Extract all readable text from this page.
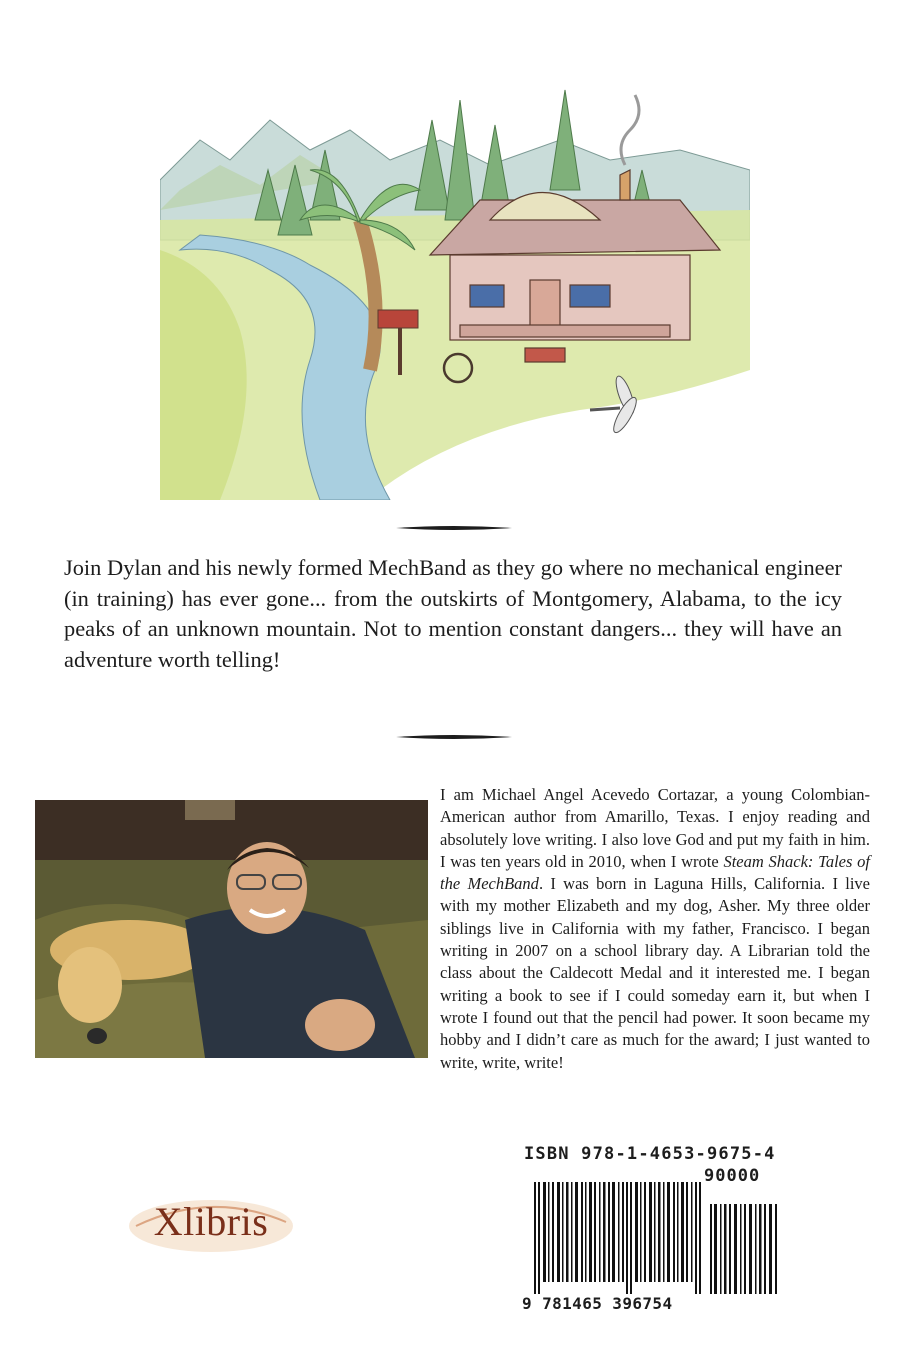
Join Dylan and his newly formed MechBand as they go where no mechanical engineer (in training) has ever gone... from the outskirts of Montgomery, Alabama, to the icy peaks of an unknown mountain. Not to mention constant dangers... they will have an adventure worth telling!

I am Michael Angel Acevedo Cortazar, a young Colombian-American author from Amarillo, Texas. I enjoy reading and absolutely love writing. I also love God and put my faith in him. I was ten years old in 2010, when I wrote Steam Shack: Tales of the MechBand. I was born in Laguna Hills, California. I live with my mother Elizabeth and my dog, Asher. My three older siblings live in California with my father, Francisco. I began writing in 2007 on a school library day. A Librarian told the class about the Caldecott Medal and it interested me. I began writing a book to see if I could someday earn it, but when I wrote I found out that the pencil had power. It soon became my hobby and I didn’t care as much for the award; I just wanted to write, write, write!

Xlibris
ISBN 978-1-4653-9675-4
90000
9 781465 396754
